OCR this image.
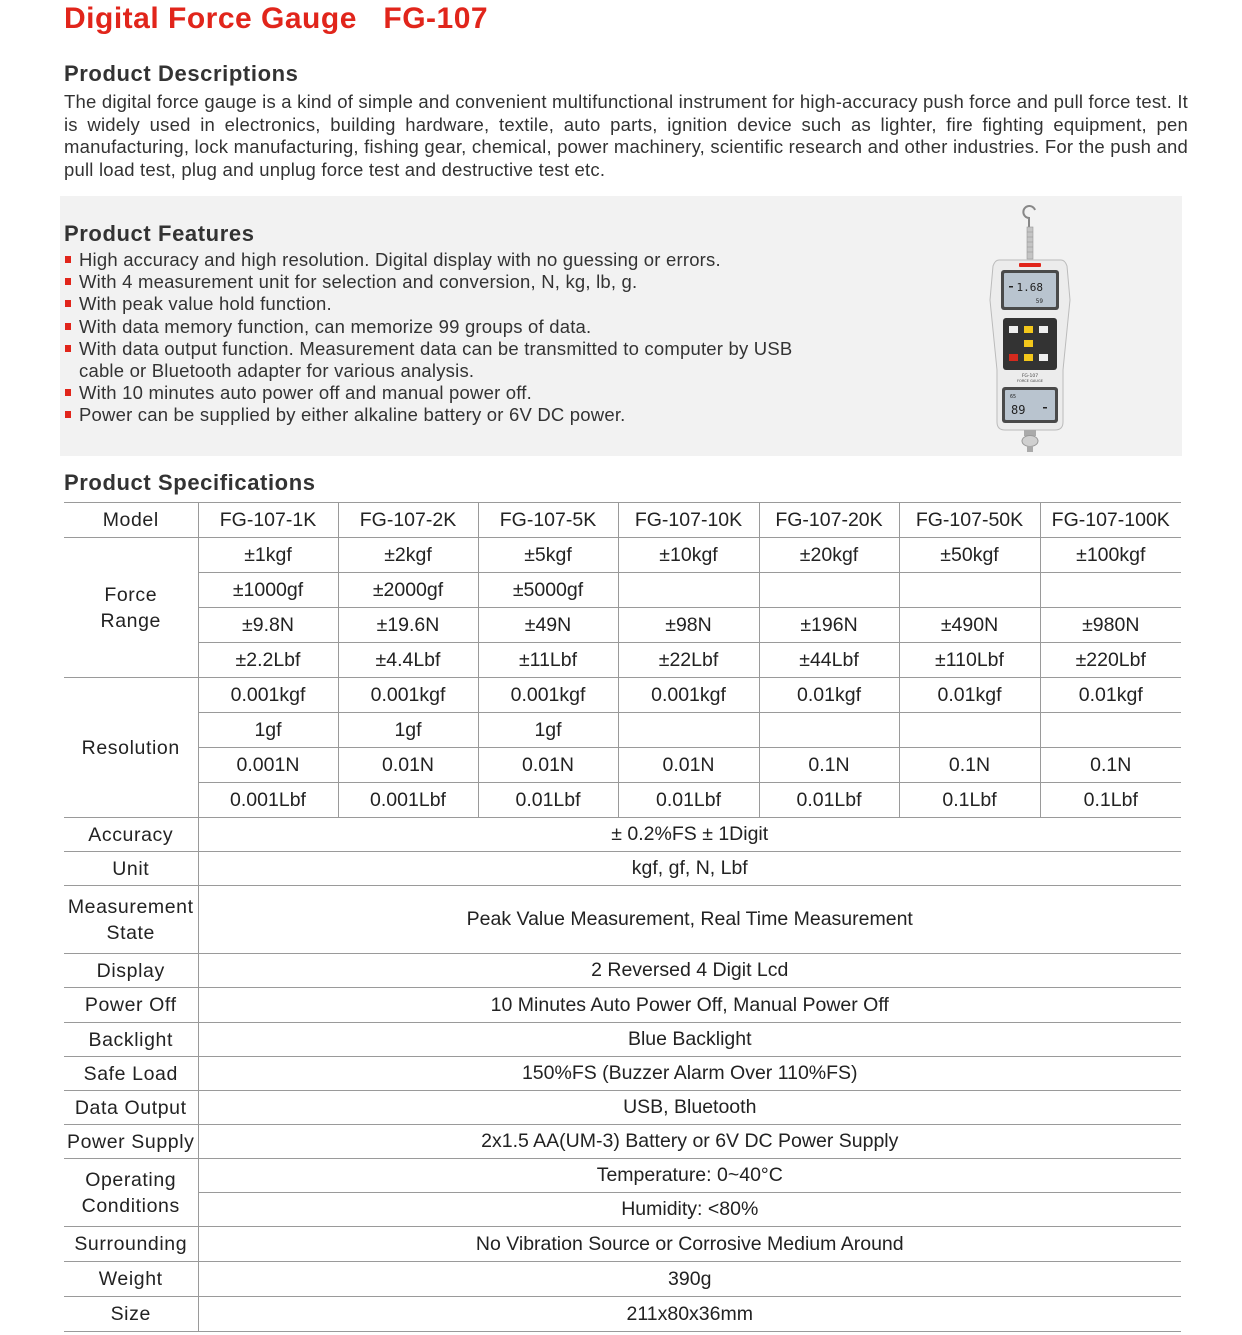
Digital Force Gauge   FG-107
Product Descriptions

The digital force gauge is a kind of simple and convenient multifunctional instrument for high-accuracy push force and pull force test. It is widely used in electronics, building hardware, textile, auto parts, ignition device such as lighter, fire fighting equipment, pen manufacturing, lock manufacturing, fishing gear, chemical, power machinery, scientific research and other industries. For the push and pull load test, plug and unplug force test and destructive test etc.

Product Features
High accuracy and high resolution. Digital display with no guessing or errors.
With 4 measurement unit for selection and conversion, N, kg, lb, g.
With peak value hold function.
With data memory function, can memorize 99 groups of data.
With data output function. Measurement data can be transmitted to computer by USB cable or Bluetooth adapter for various analysis.
With 10 minutes auto power off and manual power off.
Power can be supplied by either alkaline battery or 6V DC power.
1.68
59
FG-107
FORCE GAUGE
65
89
Product Specifications
Model	FG-107-1K	FG-107-2K	FG-107-5K	FG-107-10K	FG-107-20K	FG-107-50K	FG-107-100K
Force
Range	±1kgf	±2kgf	±5kgf	±10kgf	±20kgf	±50kgf	±100kgf
	±1000gf	±2000gf	±5000gf				
	±9.8N	±19.6N	±49N	±98N	±196N	±490N	±980N
	±2.2Lbf	±4.4Lbf	±11Lbf	±22Lbf	±44Lbf	±110Lbf	±220Lbf
Resolution	0.001kgf	0.001kgf	0.001kgf	0.001kgf	0.01kgf	0.01kgf	0.01kgf
	1gf	1gf	1gf				
	0.001N	0.01N	0.01N	0.01N	0.1N	0.1N	0.1N
	0.001Lbf	0.001Lbf	0.01Lbf	0.01Lbf	0.01Lbf	0.1Lbf	0.1Lbf
Accuracy	± 0.2%FS ± 1Digit						
Unit	kgf, gf, N, Lbf						
Measurement
State	Peak Value Measurement, Real Time Measurement						
Display	2 Reversed 4 Digit Lcd						
Power Off	10 Minutes Auto Power Off, Manual Power Off						
Backlight	Blue Backlight						
Safe Load	150%FS (Buzzer Alarm Over 110%FS)						
Data Output	USB, Bluetooth						
Power Supply	2x1.5 AA(UM-3) Battery or 6V DC Power Supply						
Operating
Conditions	Temperature: 0~40°C						
	Humidity: <80%						
Surrounding	No Vibration Source or Corrosive Medium Around						
Weight	390g						
Size	211x80x36mm						
